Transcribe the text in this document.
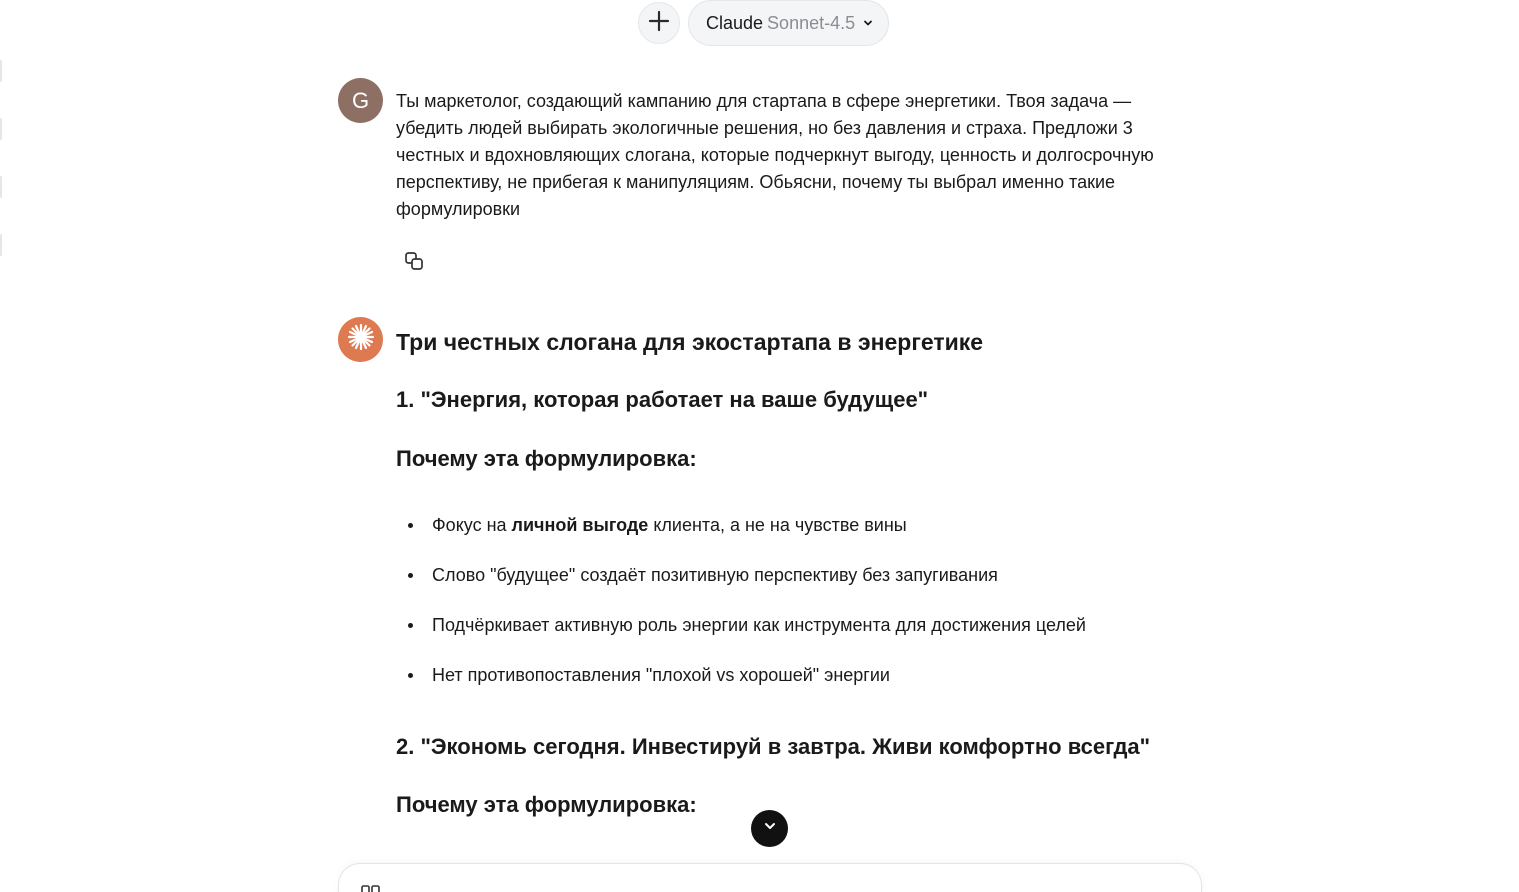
Claude Sonnet-4.5
G Ты маркетолог, создающий кампанию для стартапа в сфере энергетики. Твоя задача — убедить людей выбирать экологичные решения, но без давления и страха. Предложи 3 честных и вдохновляющих слогана, которые подчеркнут выгоду, ценность и долгосрочную перспективу, не прибегая к манипуляциям. Обьясни, почему ты выбрал именно такие формулировки
Три честных слогана для экостартапа в энергетике
1. "Энергия, которая работает на ваше будущее"
Почему эта формулировка:
Фокус на личной выгоде клиента, а не на чувстве вины
Слово "будущее" создаёт позитивную перспективу без запугивания
Подчёркивает активную роль энергии как инструмента для достижения целей
Нет противопоставления "плохой vs хорошей" энергии
2. "Экономь сегодня. Инвестируй в завтра. Живи комфортно всегда"
Почему эта формулировка:
